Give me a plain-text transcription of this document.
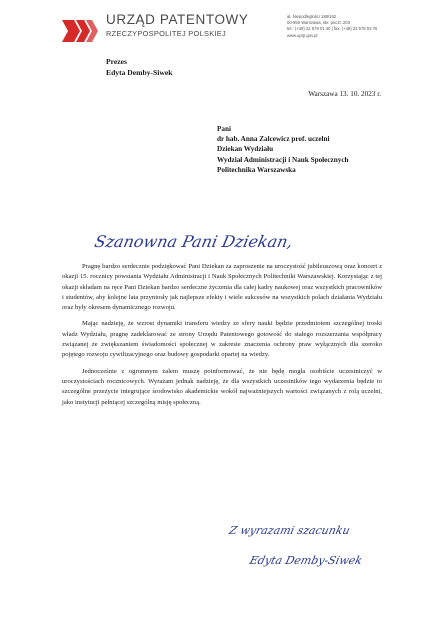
URZĄD PATENTOWY
RZECZYPOSPOLITEJ POLSKIEJ
al. Niepodległości 188/192
00-950 Warszawa, skr. poczt. 203
tel.: (+48) 22 579 01 40 | fax: (+48) 22 579 03 76
www.uprp.gov.pl
Prezes
Edyta Demby-Siwek
Warszawa 13. 10. 2023 r.
Pani
dr hab. Anna Zalcewicz prof. uczelni
Dziekan Wydziału
Wydział Administracji i Nauk Społecznych
Politechnika Warszawska
Szanowna Pani Dziekan,

Pragnę bardzo serdecznie podziękować Pani Dziekan za zaproszenie na uroczystość jubileuszową oraz koncert z okazji 15. rocznicy powstania Wydziału Administracji i Nauk Społecznych Politechniki Warszawskiej. Korzystając z tej okazji składam na ręce Pani Dziekan bardzo serdeczne życzenia dla całej kadry naukowej oraz wszystkich pracowników i studentów, aby kolejne lata przyniosły jak najlepsze efekty i wiele sukcesów na wszystkich polach działania Wydziału oraz były okresem dynamicznego rozwoju.

Mając nadzieję, że wzrost dynamiki transferu wiedzy ze sfery nauki będzie przedmiotem szczególnej troski władz Wydziału, pragnę zadeklarować ze strony Urzędu Patentowego gotowość do stałego rozszerzania współpracy związanej ze zwiększaniem świadomości społecznej w zakresie znaczenia ochrony praw wyłącznych dla szeroko pojętego rozwoju cywilizacyjnego oraz budowy gospodarki opartej na wiedzy.

Jednocześnie z ogromnym żalem muszę poinformować, że nie będę mogła osobiście uczestniczyć w uroczystościach rocznicowych. Wyrażam jednak nadzieję, że dla wszystkich uczestników tego wydarzenia będzie to szczególne przeżycie integrujące środowisko akademickie wokół najważniejszych wartości związanych z rolą uczelni, jako instytucji pełniącej szczególną misję społeczną.

Z wyrazami szacunku
Edyta Demby-Siwek
